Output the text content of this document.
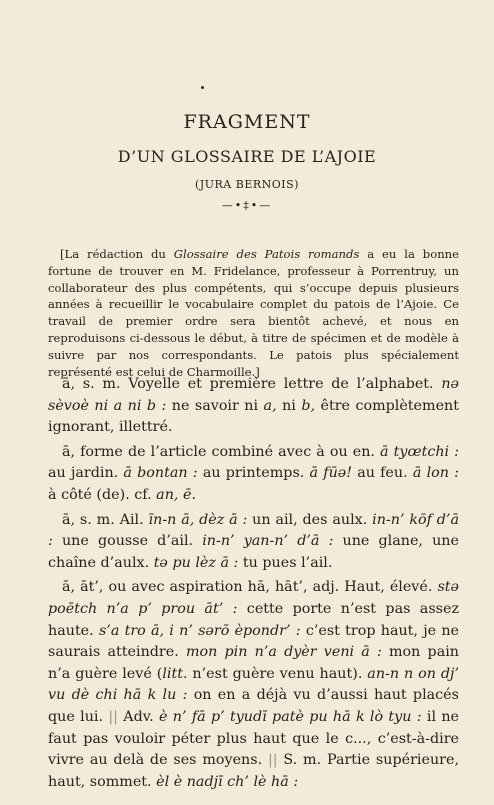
FRAGMENT
D’UN GLOSSAIRE DE L’AJOIE
(JURA BERNOIS)
—•‡•—
[La rédaction du Glossaire des Patois romands a eu la bonne fortune de trouver en M. Fridelance, professeur à Porrentruy, un collaborateur des plus compétents, qui s’occupe depuis plusieurs années à recueillir le vocabulaire complet du patois de l’Ajoie. Ce travail de premier ordre sera bientôt achevé, et nous en reproduisons ci-dessous le début, à titre de spécimen et de modèle à suivre par nos correspondants. Le patois plus spécialement représenté est celui de Charmoille.]

ā, s. m. Voyelle et première lettre de l’alphabet. nə sèvoè ni a ni b : ne savoir ni a, ni b, être complètement ignorant, illettré.

ā, forme de l’article combiné avec à ou en. ā tyœtchi : au jardin. ā bontan : au printemps. ā fūə! au feu. ā lon : à côté (de). cf. an, ē.

ā, s. m. Ail. īn-n ā, dèz ā : un ail, des aulx. in-n’ kōf d’ā : une gousse d’ail. in-n’ yan-n’ d’ā : une glane, une chaîne d’aulx. tə pu lèz ā : tu pues l’ail.

ā, āt’, ou avec aspiration hā, hāt’, adj. Haut, élevé. stə poētch n’a p’ prou āt’ : cette porte n’est pas assez haute. s’a tro ā, i n’ sərō èpondr’ : c’est trop haut, je ne saurais atteindre. mon pin n’a dyèr veni ā : mon pain n’a guère levé (litt. n’est guère venu haut). an-n n on dj’ vu dè chi hā k lu : on en a déjà vu d’aussi haut placés que lui. || Adv. è n’ fā p’ tyudī patè pu hā k lò tyu : il ne faut pas vouloir péter plus haut que le c..., c’est-à-dire vivre au delà de ses moyens. || S. m. Partie supérieure, haut, sommet. èl è nadjī ch’ lè hā :
